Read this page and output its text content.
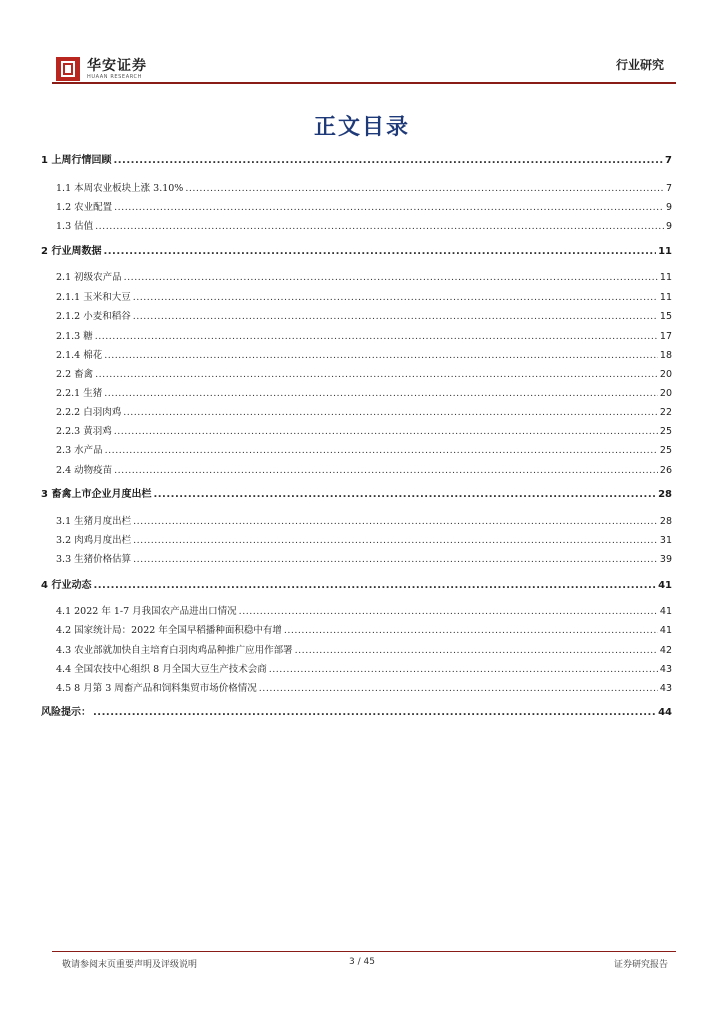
华安证券
HUAAN RESEARCH
行业研究
正文目录
1 上周行情回顾 .....	7
1.1 本周农业板块上涨 3.10% .....	7
1.2 农业配置 .....	9
1.3 估值 .....	9
2 行业周数据 .....	11
2.1 初级农产品 .....	11
2.1.1 玉米和大豆 .....	11
2.1.2 小麦和稻谷 .....	15
2.1.3 糖 .....	17
2.1.4 棉花 .....	18
2.2 畜禽 .....	20
2.2.1 生猪 .....	20
2.2.2 白羽肉鸡 .....	22
2.2.3 黄羽鸡 .....	25
2.3 水产品 .....	25
2.4 动物疫苗 .....	26
3 畜禽上市企业月度出栏 .....	28
3.1 生猪月度出栏 .....	28
3.2 肉鸡月度出栏 .....	31
3.3 生猪价格估算 .....	39
4 行业动态 .....	41
4.1 2022 年 1-7 月我国农产品进出口情况 .....	41
4.2 国家统计局：2022 年全国早稻播种面积稳中有增 .....	41
4.3 农业部就加快自主培育白羽肉鸡品种推广应用作部署 .....	42
4.4 全国农技中心组织 8 月全国大豆生产技术会商 .....	43
4.5 8 月第 3 周畜产品和饲料集贸市场价格情况 .....	43
风险提示： .....	44
敬请参阅末页重要声明及评级说明	3 / 45	证券研究报告
